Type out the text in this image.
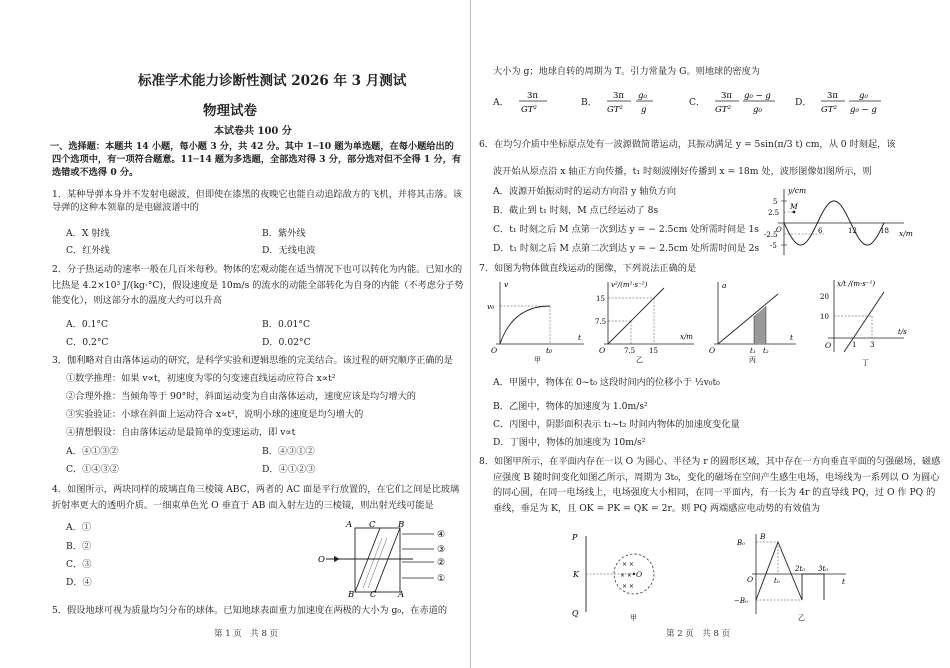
标准学术能力诊断性测试 2026 年 3 月测试
物理试卷
本试卷共 100 分
一、选择题：本题共 14 小题，每小题 3 分，共 42 分。其中 1─10 题为单选题，在每小题给出的四个选项中，有一项符合题意。11─14 题为多选题，全部选对得 3 分，部分选对但不全得 1 分，有选错或不选得 0 分。
1．某种导弹本身并不发射电磁波，但即使在漆黑的夜晚它也能自动追踪敌方的飞机，并将其击落。该导弹的这种本领靠的是电磁波谱中的
A．X 射线	B．紫外线
C．红外线	D．无线电波
2．分子热运动的速率一般在几百米每秒。物体的宏观动能在适当情况下也可以转化为内能。已知水的比热是 4.2×10³ J/(kg·°C)，假设速度是 10m/s 的流水的动能全部转化为自身的内能（不考虑分子势能变化），则这部分水的温度大约可以升高
A．0.1°C	B．0.01°C
C．0.2°C	D．0.02°C
3．伽利略对自由落体运动的研究，是科学实验和逻辑思维的完美结合。该过程的研究顺序正确的是
①数学推理：如果 v∝t，初速度为零的匀变速直线运动应符合 x∝t²
②合理外推：当倾角等于 90°时，斜面运动变为自由落体运动，速度应该是均匀增大的
③实验验证：小球在斜面上运动符合 x∝t²，说明小球的速度是均匀增大的
④猜想假设：自由落体运动是最简单的变速运动，即 v∝t
A．④①③②	B．④③①②
C．①④③②	D．④①②③
4．如图所示，两块同样的玻璃直角三棱镜 ABC，两者的 AC 面是平行放置的，在它们之间是比玻璃折射率更大的透明介质。一细束单色光 O 垂直于 AB 面入射左边的三棱镜，则出射光线可能是
A．①
B．②
C．③
D．④
A C	B
B C	A
O
④
③
②
①
5．假设地球可视为质量均匀分布的球体。已知地球表面重力加速度在两极的大小为 g₀，在赤道的
第 1 页　共 8 页
大小为 g；地球自转的周期为 T。引力常量为 G。则地球的密度为
A．
3π
GT²
B．
3π
GT²
g₀
g
C．
3π
GT²
g₀ − g
g₀
D．
3π
GT²
g₀
g₀ − g
6．在均匀介质中坐标原点处有一波源做简谐运动，其振动满足 y = 5sin(π/3 t) cm，从 0 时刻起，该
波开始从原点沿 x 轴正方向传播，t₁ 时刻波刚好传播到 x = 18m 处，波形图像如图所示，则
A．波源开始振动时的运动方向沿 y 轴负方向
B．截止到 t₁ 时刻，M 点已经运动了 8s
C．t₁ 时刻之后 M 点第一次到达 y = − 2.5cm 处所需时间是 1s
D．t₁ 时刻之后 M 点第二次到达 y = − 2.5cm 处所需时间是 2s
y/cm
x/m
5
2.5
-2.5
-5
O	6	12	18
M
7．如图为物体做直线运动的图像，下列说法正确的是
v
v₀
O
t
t₀
甲
v²/(m²·s⁻²)
15
7.5
O	7.5 15
x/m
乙
a
O	t₁ t₂
t
丙
x/t /(m·s⁻¹)
20
10
O	1 3
t/s
丁
A．甲图中，物体在 0~t₀ 这段时间内的位移小于 ½v₀t₀
B．乙图中，物体的加速度为 1.0m/s²
C．丙图中，阴影面积表示 t₁~t₂ 时间内物体的加速度变化量
D．丁图中，物体的加速度为 10m/s²
8．如图甲所示，在平面内存在一以 O 为圆心、半径为 r 的圆形区域，其中存在一方向垂直平面的匀强磁场，磁感应强度 B 随时间变化如图乙所示，周期为 3t₀，变化的磁场在空间产生感生电场，电场线为一系列以 O 为圆心的同心圆，在同一电场线上，电场强度大小相同，在同一平面内，有一长为 4r 的直导线 PQ，过 O 作 PQ 的垂线，垂足为 K，且 OK = PK = QK = 2r。则 PQ 两端感应电动势的有效值为
× ×
× ×
× ×
P
K
Q
O
甲
B
B₀
−B₀
O	t₀
2t₀ 3t₀
t
乙
第 2 页　共 8 页
